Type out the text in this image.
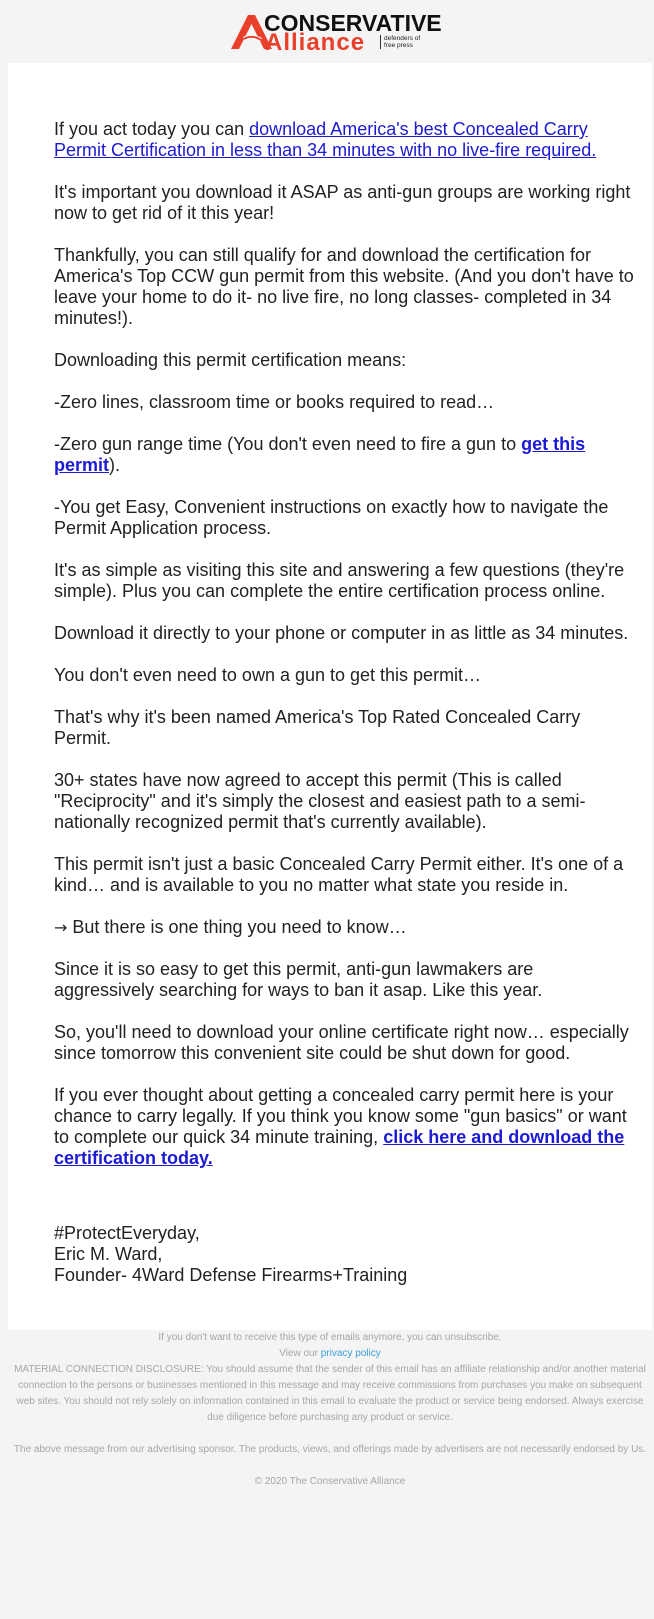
CONSERVATIVE
Alliance	defenders of
free press

If you act today you can download America's best Concealed Carry Permit Certification in less than 34 minutes with no live-fire required.

It's important you download it ASAP as anti-gun groups are working right now to get rid of it this year!

Thankfully, you can still qualify for and download the certification for America's Top CCW gun permit from this website. (And you don't have to leave your home to do it- no live fire, no long classes- completed in 34 minutes!).

Downloading this permit certification means:

-Zero lines, classroom time or books required to read…

-Zero gun range time (You don't even need to fire a gun to get this permit).

-You get Easy, Convenient instructions on exactly how to navigate the Permit Application process.

It's as simple as visiting this site and answering a few questions (they're simple). Plus you can complete the entire certification process online.

Download it directly to your phone or computer in as little as 34 minutes.

You don't even need to own a gun to get this permit…

That's why it's been named America's Top Rated Concealed Carry Permit.

30+ states have now agreed to accept this permit (This is called "Reciprocity" and it's simply the closest and easiest path to a semi-nationally recognized permit that's currently available).

This permit isn't just a basic Concealed Carry Permit either. It's one of a kind… and is available to you no matter what state you reside in.

→ But there is one thing you need to know…

Since it is so easy to get this permit, anti-gun lawmakers are aggressively searching for ways to ban it asap. Like this year.

So, you'll need to download your online certificate right now… especially since tomorrow this convenient site could be shut down for good.

If you ever thought about getting a concealed carry permit here is your chance to carry legally. If you think you know some "gun basics" or want to complete our quick 34 minute training, click here and download the certification today.

#ProtectEveryday,
Eric M. Ward,
Founder- 4Ward Defense Firearms+Training

If you don't want to receive this type of emails anymore, you can unsubscribe.

View our privacy policy

MATERIAL CONNECTION DISCLOSURE: You should assume that the sender of this email has an affiliate relationship and/or another material connection to the persons or businesses mentioned in this message and may receive commissions from purchases you make on subsequent web sites. You should not rely solely on information contained in this email to evaluate the product or service being endorsed. Always exercise due diligence before purchasing any product or service.

The above message from our advertising sponsor. The products, views, and offerings made by advertisers are not necessarily endorsed by Us.

© 2020 The Conservative Alliance
